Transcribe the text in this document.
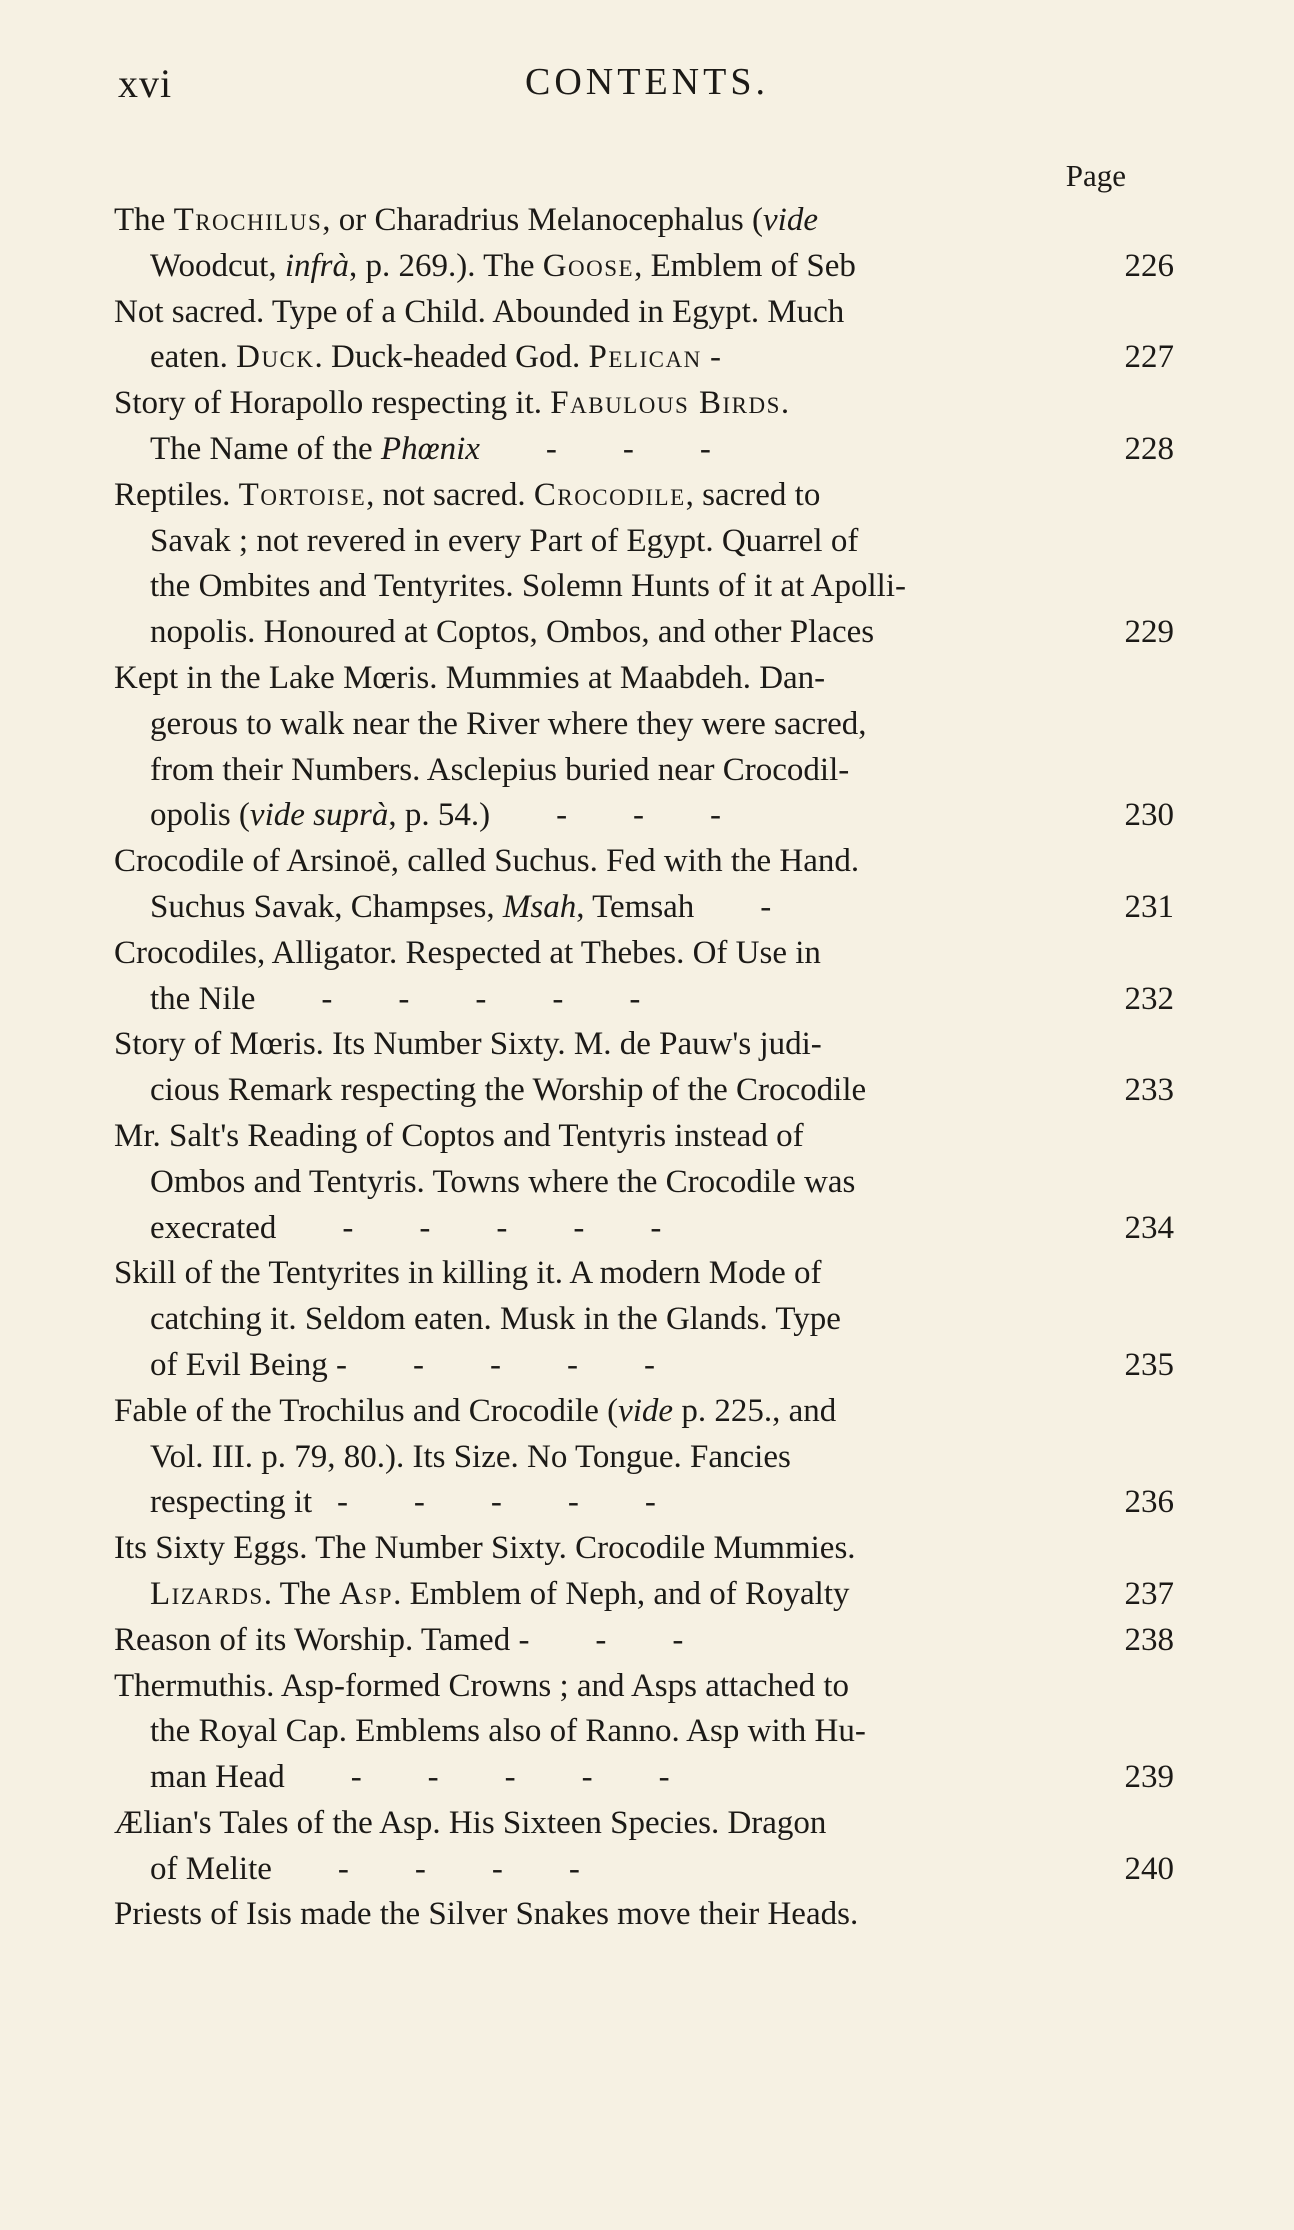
xvi	CONTENTS.
Page
The Trochilus, or Charadrius Melanocephalus (vide
Woodcut, infrà, p. 269.). The Goose, Emblem of Seb	226
Not sacred. Type of a Child. Abounded in Egypt. Much
eaten. Duck. Duck-headed God. Pelican -	227
Story of Horapollo respecting it. Fabulous Birds.
The Name of the Phœnix        -        -        -	228
Reptiles. Tortoise, not sacred. Crocodile, sacred to
Savak ; not revered in every Part of Egypt. Quarrel of
the Ombites and Tentyrites. Solemn Hunts of it at Apolli-
nopolis. Honoured at Coptos, Ombos, and other Places	229
Kept in the Lake Mœris. Mummies at Maabdeh. Dan-
gerous to walk near the River where they were sacred,
from their Numbers. Asclepius buried near Crocodil-
opolis (vide suprà, p. 54.)        -        -        -	230
Crocodile of Arsinoë, called Suchus. Fed with the Hand.
Suchus Savak, Champses, Msah, Temsah        -	231
Crocodiles, Alligator. Respected at Thebes. Of Use in
the Nile        -        -        -        -        -	232
Story of Mœris. Its Number Sixty. M. de Pauw's judi-
cious Remark respecting the Worship of the Crocodile	233
Mr. Salt's Reading of Coptos and Tentyris instead of
Ombos and Tentyris. Towns where the Crocodile was
execrated        -        -        -        -        -	234
Skill of the Tentyrites in killing it. A modern Mode of
catching it. Seldom eaten. Musk in the Glands. Type
of Evil Being -        -        -        -        -	235
Fable of the Trochilus and Crocodile (vide p. 225., and
Vol. III. p. 79, 80.). Its Size. No Tongue. Fancies
respecting it   -        -        -        -        -	236
Its Sixty Eggs. The Number Sixty. Crocodile Mummies.
Lizards. The Asp. Emblem of Neph, and of Royalty	237
Reason of its Worship. Tamed -        -        -	238
Thermuthis. Asp-formed Crowns ; and Asps attached to
the Royal Cap. Emblems also of Ranno. Asp with Hu-
man Head        -        -        -        -        -	239
Ælian's Tales of the Asp. His Sixteen Species. Dragon
of Melite        -        -        -        -	240
Priests of Isis made the Silver Snakes move their Heads.
